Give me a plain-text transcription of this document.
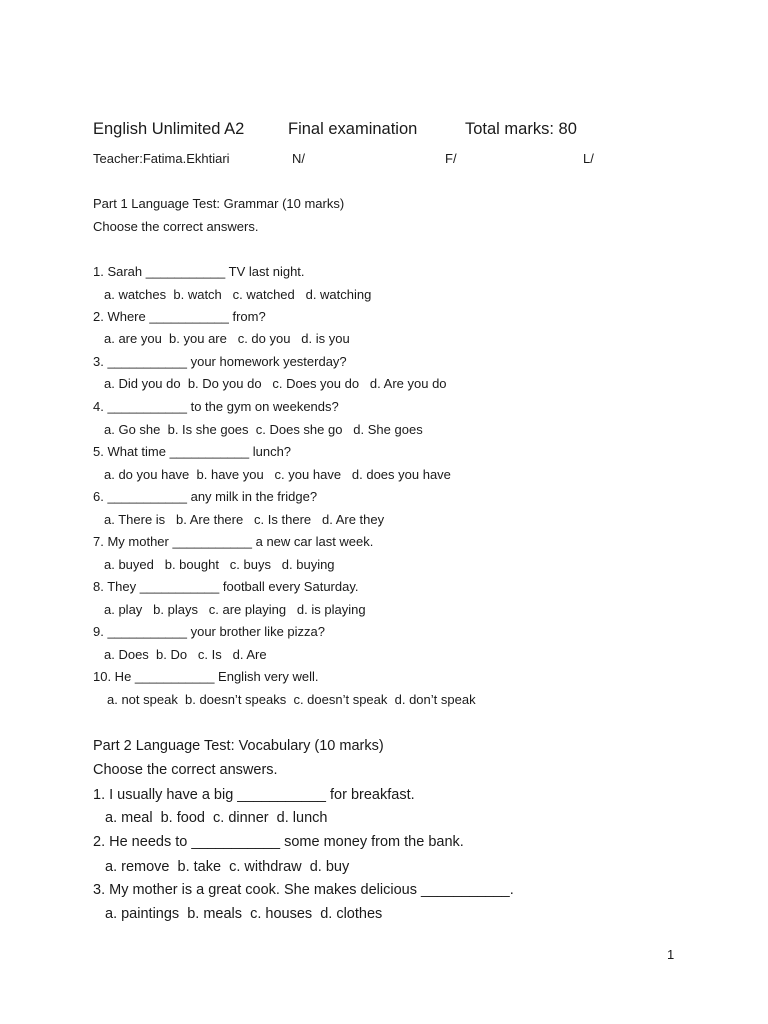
English Unlimited A2

	Final examination

	Total marks: 80

Teacher:Fatima.Ekhtiari

	N/

	F/

	L/

Part 1 Language Test: Grammar (10 marks)
Choose the correct answers.
1. Sarah ___________ TV last night.
a. watches  b. watch   c. watched   d. watching
2. Where ___________ from?
a. are you  b. you are   c. do you   d. is you
3. ___________ your homework yesterday?
a. Did you do  b. Do you do   c. Does you do   d. Are you do
4. ___________ to the gym on weekends?
a. Go she  b. Is she goes  c. Does she go   d. She goes
5. What time ___________ lunch?
a. do you have  b. have you   c. you have   d. does you have
6. ___________ any milk in the fridge?
a. There is   b. Are there   c. Is there   d. Are they
7. My mother ___________ a new car last week.
a. buyed   b. bought   c. buys   d. buying
8. They ___________ football every Saturday.
a. play   b. plays   c. are playing   d. is playing
9. ___________ your brother like pizza?
a. Does  b. Do   c. Is   d. Are
10. He ___________ English very well.
a. not speak  b. doesn’t speaks  c. doesn’t speak  d. don’t speak
Part 2 Language Test: Vocabulary (10 marks)
Choose the correct answers.
1. I usually have a big ___________ for breakfast.
a. meal  b. food  c. dinner  d. lunch
2. He needs to ___________ some money from the bank.
a. remove  b. take  c. withdraw  d. buy
3. My mother is a great cook. She makes delicious ___________.
a. paintings  b. meals  c. houses  d. clothes
1
